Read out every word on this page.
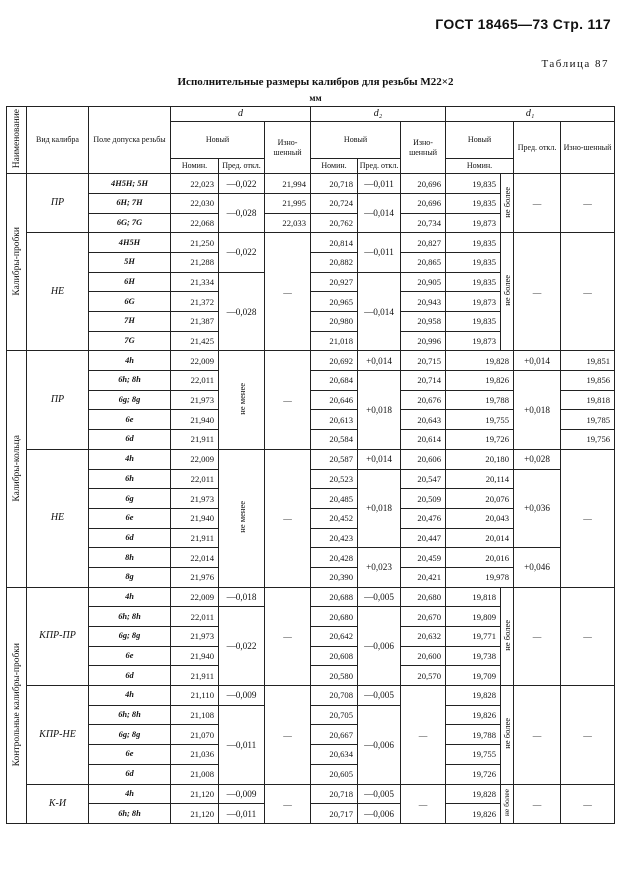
ГОСТ 18465—73 Стр. 117
Таблица 87
Исполнительные размеры калибров для резьбы М22×2
мм
Наименование	Вид калибра	Поле допуска резьбы	d			d₂			d₁			
			Новый		Изно-шенный	Новый		Изно-шенный	Новый		Пред. откл.	Изно-шенный
			Номин.	Пред. откл.		Номин.	Пред. откл.		Номин.			
Калибры-пробки	ПР	4H5H; 5H	22,023	—0,022	21,994	20,718	—0,011	20,696	19,835	не более	—	—
		6H; 7H	22,030	—0,028	21,995	20,724	—0,014	20,696	19,835			
		6G; 7G	22,068		22,033	20,762		20,734	19,873			
	НЕ	4H5H	21,250	—0,022	—	20,814	—0,011	20,827	19,835	не более	—	—
		5H	21,288			20,882		20,865	19,835			
		6H	21,334	—0,028		20,927	—0,014	20,905	19,835			
		6G	21,372			20,965		20,943	19,873			
		7H	21,387			20,980		20,958	19,835			
		7G	21,425			21,018		20,996	19,873			
Калибры-кольца	ПР	4h	22,009	не менее	—	20,692	+0,014	20,715	19,828		+0,014	19,851
		6h; 8h	22,011			20,684	+0,018	20,714	19,826		+0,018	19,856
		6g; 8g	21,973			20,646		20,676	19,788			19,818
		6e	21,940			20,613		20,643	19,755			19,785
		6d	21,911			20,584		20,614	19,726			19,756
	НЕ	4h	22,009	не менее	—	20,587	+0,014	20,606	20,180		+0,028	—
		6h	22,011			20,523	+0,018	20,547	20,114		+0,036	
		6g	21,973			20,485		20,509	20,076			
		6e	21,940			20,452		20,476	20,043			
		6d	21,911			20,423		20,447	20,014			
		8h	22,014			20,428	+0,023	20,459	20,016		+0,046	
		8g	21,976			20,390		20,421	19,978			
Контрольные калибры-пробки	КПР-ПР	4h	22,009	—0,018	—	20,688	—0,005	20,680	19,818	не более	—	—
		6h; 8h	22,011	—0,022		20,680	—0,006	20,670	19,809			
		6g; 8g	21,973			20,642		20,632	19,771			
		6e	21,940			20,608		20,600	19,738			
		6d	21,911			20,580		20,570	19,709			
	КПР-НЕ	4h	21,110	—0,009	—	20,708	—0,005	—	19,828	не более	—	—
		6h; 8h	21,108	—0,011		20,705	—0,006		19,826			
		6g; 8g	21,070			20,667			19,788			
		6e	21,036			20,634			19,755			
		6d	21,008			20,605			19,726			
	К-И	4h	21,120	—0,009	—	20,718	—0,005	—	19,828	не более	—	—
		6h; 8h	21,120	—0,011		20,717	—0,006		19,826			
